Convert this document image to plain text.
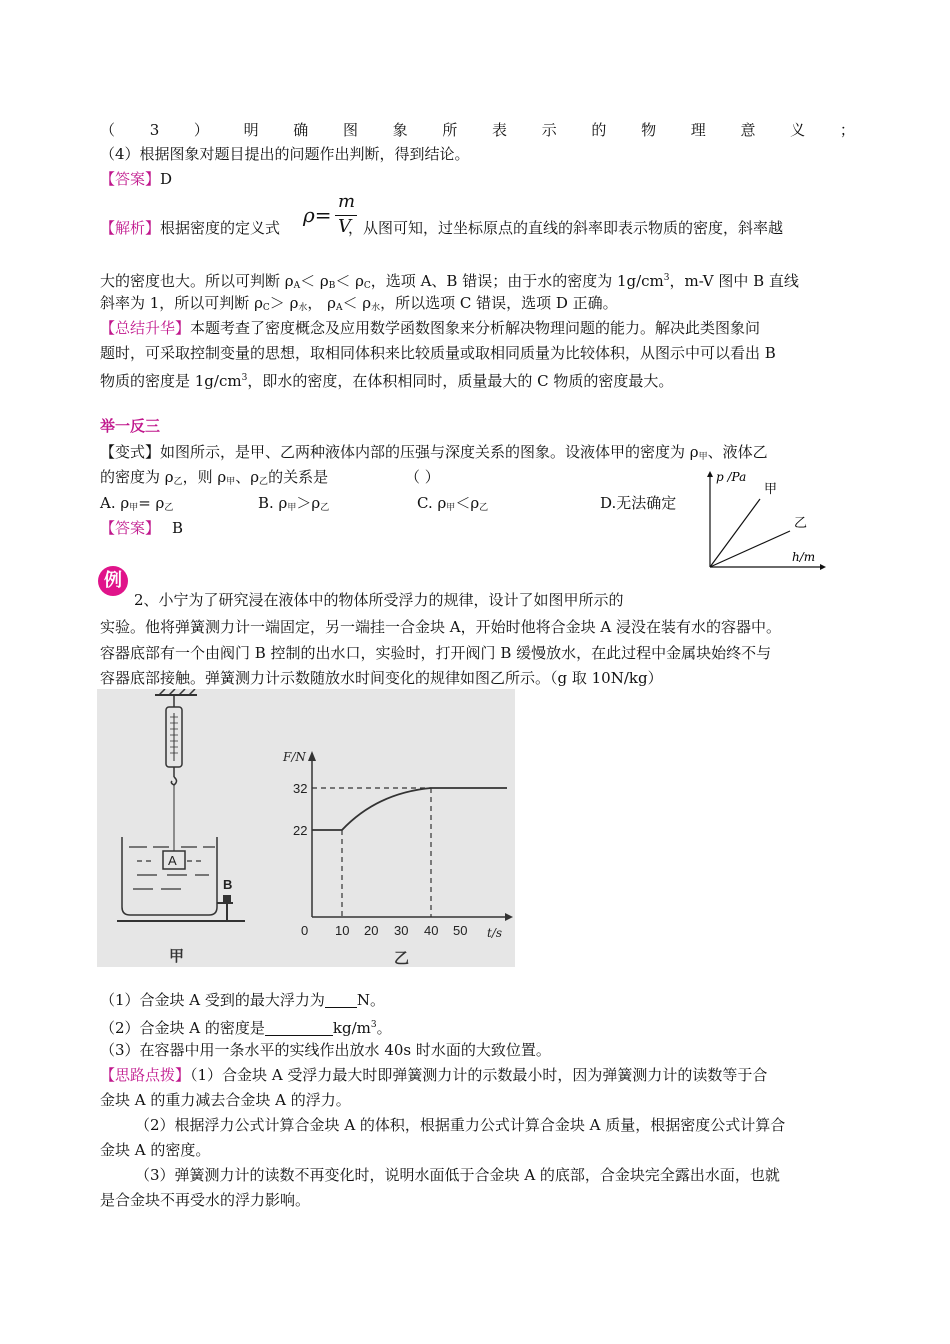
（ 3 ） 明 确 图 象 所 表 示 的 物 理 意 义 ；
（4）根据图象对题目提出的问题作出判断，得到结论。
【答案】D
【解析】根据密度的定义式	，从图可知，过坐标原点的直线的斜率即表示物质的密度，斜率越
ρ=
m
V
大的密度也大。所以可判断 $\rho_A< \rho_B< \rho_C$，选项 A、B 错误；由于水的密度为 $1g/cm^3$，m-V 图中 B 直线
斜率为 1，所以可判断 $\rho_C> \rho_水$， $\rho_A< \rho_水$，所以选项 C 错误，选项 D 正确。
【总结升华】本题考查了密度概念及应用数学函数图象来分析解决物理问题的能力。解决此类图象问
题时，可采取控制变量的思想，取相同体积来比较质量或取相同质量为比较体积，从图示中可以看出 B
物质的密度是 $1g/cm^3$，即水的密度，在体积相同时，质量最大的 C 物质的密度最大。
举一反三
【变式】如图所示，是甲、乙两种液体内部的压强与深度关系的图象。设液体甲的密度为 $\rho_甲$、液体乙
的密度为 $\rho_乙$，则 $\rho_甲$、$\rho_乙$的关系是	（ ）
A. $\rho_甲= \rho_乙$	B. $\rho_甲>\rho_乙$	C. $\rho_甲<\rho_乙$	D.无法确定
【答案】 B
p /Pa
甲
乙
h/m
例
2、小宁为了研究浸在液体中的物体所受浮力的规律，设计了如图甲所示的
实验。他将弹簧测力计一端固定，另一端挂一合金块 A，开始时他将合金块 A 浸没在装有水的容器中。
容器底部有一个由阀门 B 控制的出水口，实验时，打开阀门 B 缓慢放水，在此过程中金属块始终不与
容器底部接触。弹簧测力计示数随放水时间变化的规律如图乙所示。（g 取 10N/kg）
A
B
甲
F/N
t/s
32
22
0 10 20 30 40 50
乙
（1）合金块 A 受到的最大浮力为 N。
（2）合金块 A 的密度是	$kg/m^3$。
（3）在容器中用一条水平的实线作出放水 40s 时水面的大致位置。
【思路点拨】（1）合金块 A 受浮力最大时即弹簧测力计的示数最小时，因为弹簧测力计的读数等于合
金块 A 的重力减去合金块 A 的浮力。
（2）根据浮力公式计算合金块 A 的体积，根据重力公式计算合金块 A 质量，根据密度公式计算合
金块 A 的密度。
（3）弹簧测力计的读数不再变化时，说明水面低于合金块 A 的底部，合金块完全露出水面，也就
是合金块不再受水的浮力影响。
